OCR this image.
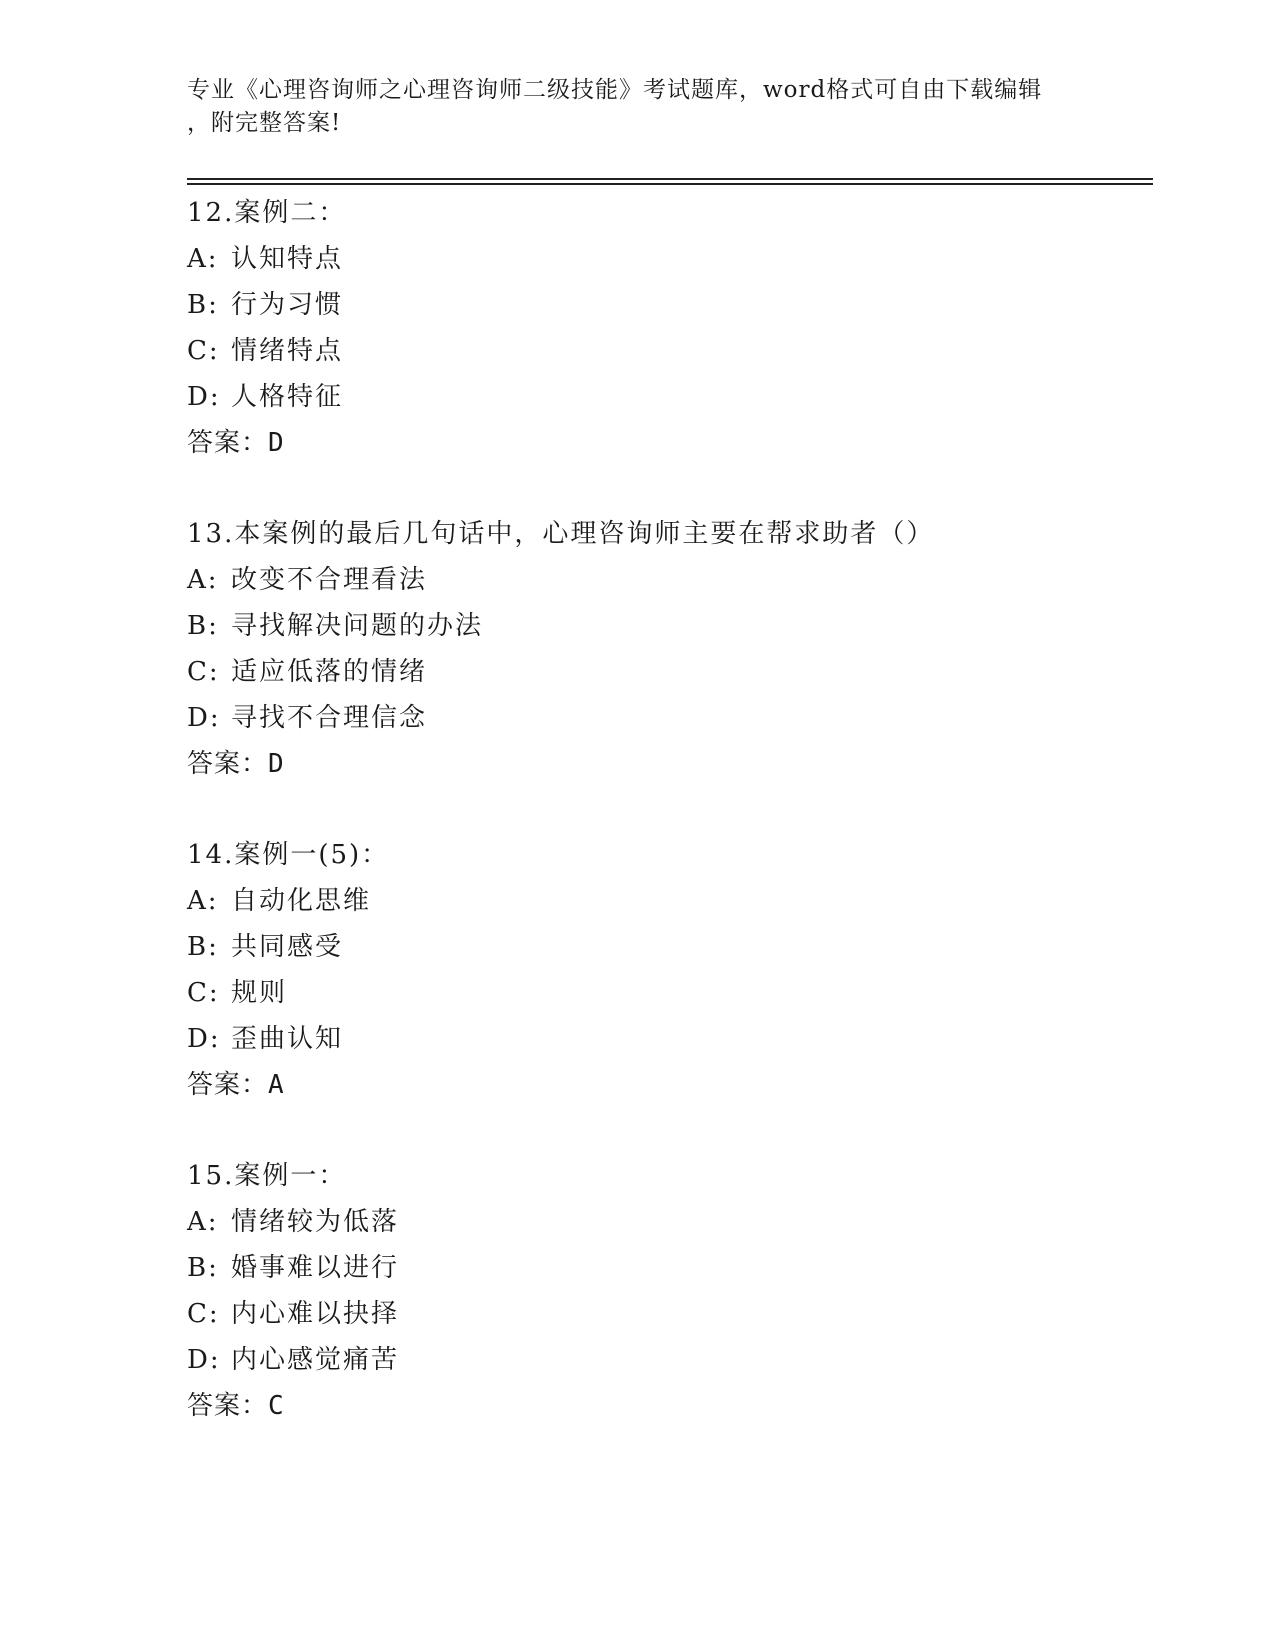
专业《心理咨询师之心理咨询师二级技能》考试题库，word格式可自由下载编辑
，附完整答案!
12.案例二：
A: 认知特点
B: 行为习惯
C: 情绪特点
D: 人格特征
答案：D
13.本案例的最后几句话中，心理咨询师主要在帮求助者（）
A: 改变不合理看法
B: 寻找解决问题的办法
C: 适应低落的情绪
D: 寻找不合理信念
答案：D
14.案例一(5)：
A: 自动化思维
B: 共同感受
C: 规则
D: 歪曲认知
答案：A
15.案例一：
A: 情绪较为低落
B: 婚事难以进行
C: 内心难以抉择
D: 内心感觉痛苦
答案：C
